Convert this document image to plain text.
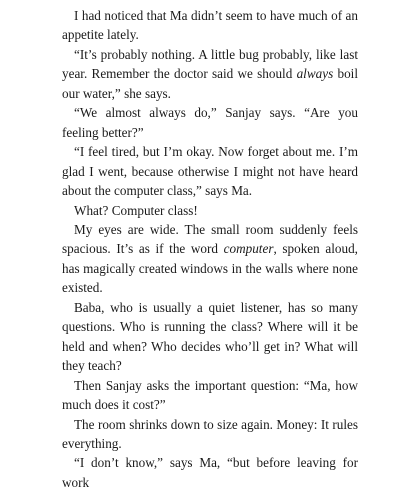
I had noticed that Ma didn’t seem to have much of an appetite lately.

“It’s probably nothing. A little bug probably, like last year. Remember the doctor said we should always boil our water,” she says.

“We almost always do,” Sanjay says. “Are you feeling better?”

“I feel tired, but I’m okay. Now forget about me. I’m glad I went, because otherwise I might not have heard about the computer class,” says Ma.

What? Computer class!

My eyes are wide. The small room suddenly feels spacious. It’s as if the word computer, spoken aloud, has magically created windows in the walls where none existed.

Baba, who is usually a quiet listener, has so many questions. Who is running the class? Where will it be held and when? Who decides who’ll get in? What will they teach?

Then Sanjay asks the important question: “Ma, how much does it cost?”

The room shrinks down to size again. Money: It rules everything.

“I don’t know,” says Ma, “but before leaving for work
